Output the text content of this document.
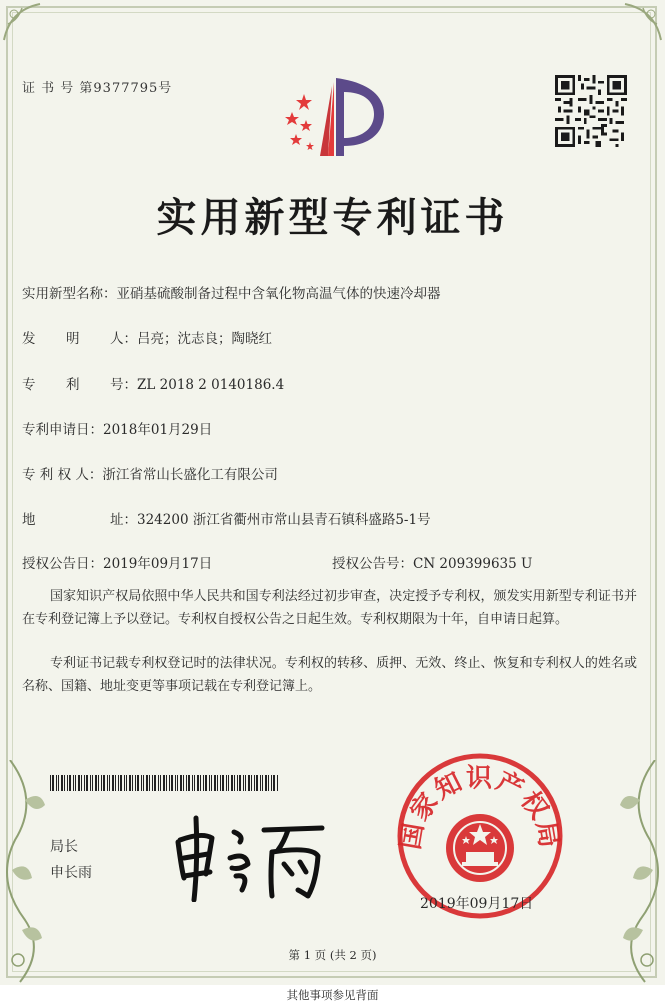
证 书 号 第9377795号
实用新型专利证书
实用新型名称：亚硝基硫酸制备过程中含氧化物高温气体的快速冷却器
发 明 人：吕亮；沈志良；陶晓红
专 利 号：ZL 2018 2 0140186.4
专利申请日：2018年01月29日
专 利 权 人：浙江省常山长盛化工有限公司
地	址：324200 浙江省衢州市常山县青石镇科盛路5-1号
授权公告日：2019年09月17日	授权公告号：CN 209399635 U
国家知识产权局依照中华人民共和国专利法经过初步审查，决定授予专利权，颁发实用新型专利证书并在专利登记簿上予以登记。专利权自授权公告之日起生效。专利权期限为十年，自申请日起算。
专利证书记载专利权登记时的法律状况。专利权的转移、质押、无效、终止、恢复和专利权人的姓名或名称、国籍、地址变更等事项记载在专利登记簿上。
局长
申长雨
国家知识产权局
2019年09月17日
第 1 页 (共 2 页)
其他事项参见背面
